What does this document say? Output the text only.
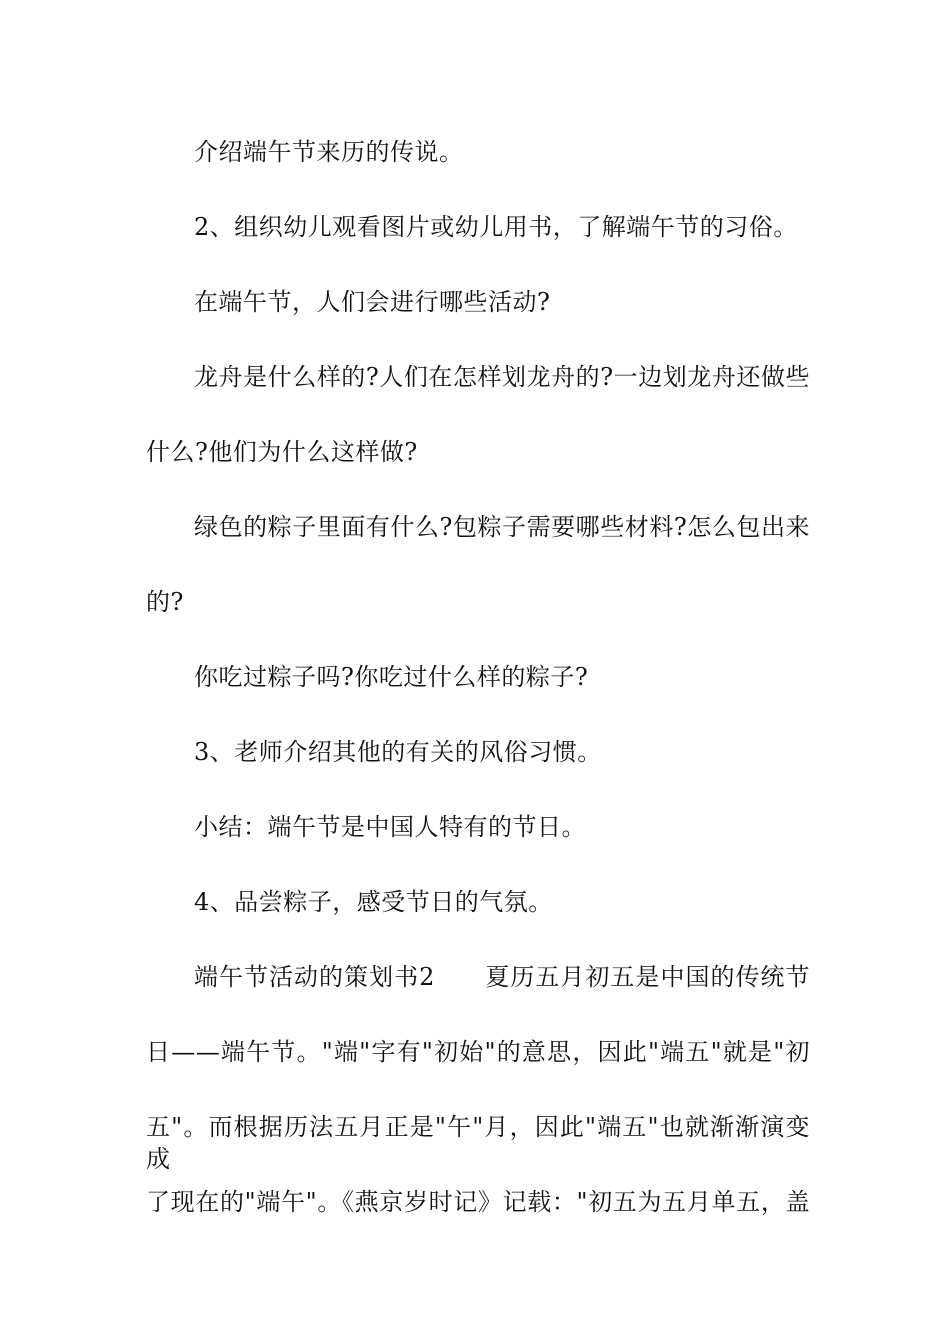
介绍端午节来历的传说。
2、组织幼儿观看图片或幼儿用书，了解端午节的习俗。
在端午节，人们会进行哪些活动?
龙舟是什么样的?人们在怎样划龙舟的?一边划龙舟还做些
什么?他们为什么这样做?
绿色的粽子里面有什么?包粽子需要哪些材料?怎么包出来
的?
你吃过粽子吗?你吃过什么样的粽子?
3、老师介绍其他的有关的风俗习惯。
小结：端午节是中国人特有的节日。
4、品尝粽子，感受节日的气氛。
端午节活动的策划书2　　夏历五月初五是中国的传统节
日——端午节。"端"字有"初始"的意思，因此"端五"就是"初
五"。而根据历法五月正是"午"月，因此"端五"也就渐渐演变成
了现在的"端午"。《燕京岁时记》记载："初五为五月单五，盖
